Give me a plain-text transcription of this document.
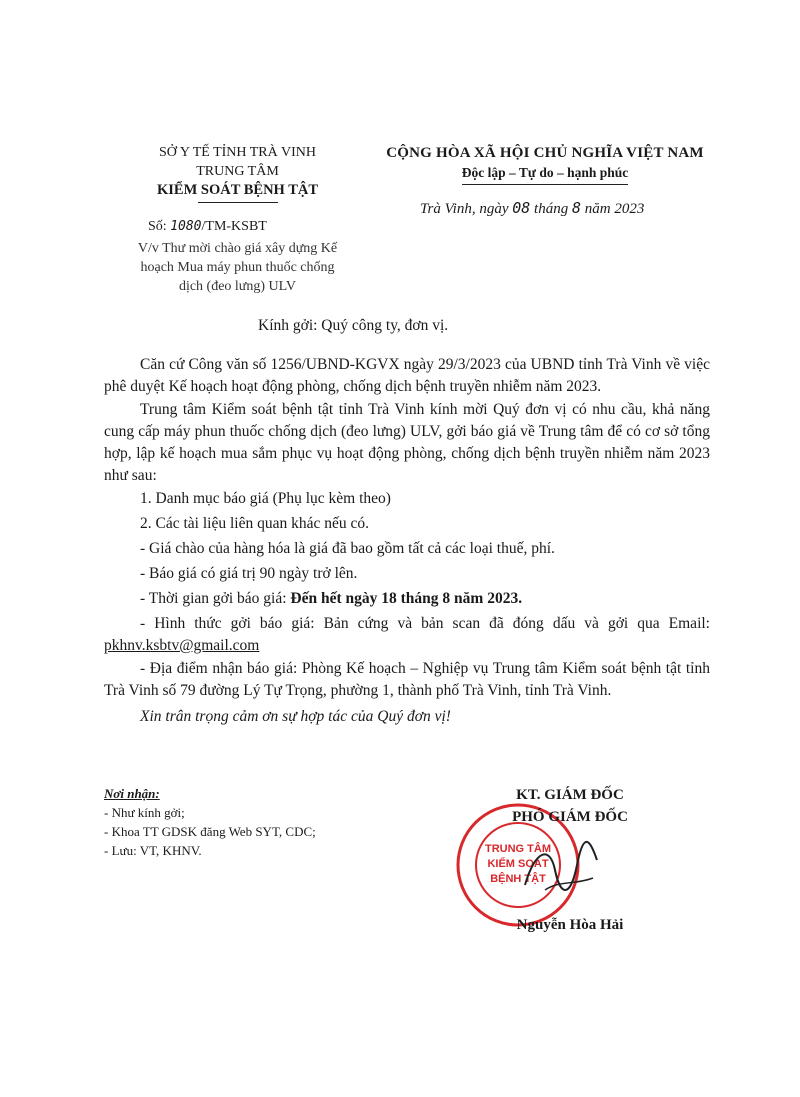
SỞ Y TẾ TỈNH TRÀ VINH
TRUNG TÂM
KIỂM SOÁT BỆNH TẬT
CỘNG HÒA XÃ HỘI CHỦ NGHĨA VIỆT NAM
Độc lập – Tự do – hạnh phúc
Trà Vinh, ngày 08 tháng 8 năm 2023
Số: 1080/TM-KSBT
V/v Thư mời chào giá xây dựng Kế
hoạch Mua máy phun thuốc chống
dịch (đeo lưng) ULV
Kính gởi: Quý công ty, đơn vị.

Căn cứ Công văn số 1256/UBND-KGVX ngày 29/3/2023 của UBND tỉnh Trà Vinh về việc phê duyệt Kế hoạch hoạt động phòng, chống dịch bệnh truyền nhiễm năm 2023.

Trung tâm Kiểm soát bệnh tật tỉnh Trà Vinh kính mời Quý đơn vị có nhu cầu, khả năng cung cấp máy phun thuốc chống dịch (đeo lưng) ULV, gởi báo giá về Trung tâm để có cơ sở tổng hợp, lập kế hoạch mua sắm phục vụ hoạt động phòng, chống dịch bệnh truyền nhiễm năm 2023 như sau:

1. Danh mục báo giá (Phụ lục kèm theo)
2. Các tài liệu liên quan khác nếu có.
- Giá chào của hàng hóa là giá đã bao gồm tất cả các loại thuế, phí.
- Báo giá có giá trị 90 ngày trở lên.
- Thời gian gởi báo giá: Đến hết ngày 18 tháng 8 năm 2023.

- Hình thức gởi báo giá: Bản cứng và bản scan đã đóng dấu và gởi qua Email: pkhnv.ksbtv@gmail.com

- Địa điểm nhận báo giá: Phòng Kế hoạch – Nghiệp vụ Trung tâm Kiểm soát bệnh tật tỉnh Trà Vinh số 79 đường Lý Tự Trọng, phường 1, thành phố Trà Vinh, tỉnh Trà Vinh.

Xin trân trọng cảm ơn sự hợp tác của Quý đơn vị!

Nơi nhận:
- Như kính gởi;
- Khoa TT GDSK đăng Web SYT, CDC;
- Lưu: VT, KHNV.	TRUNG TÂM
KIỂM SOÁT
BỆNH TẬT
KT. GIÁM ĐỐC
PHÓ GIÁM ĐỐC
Nguyễn Hòa Hải
